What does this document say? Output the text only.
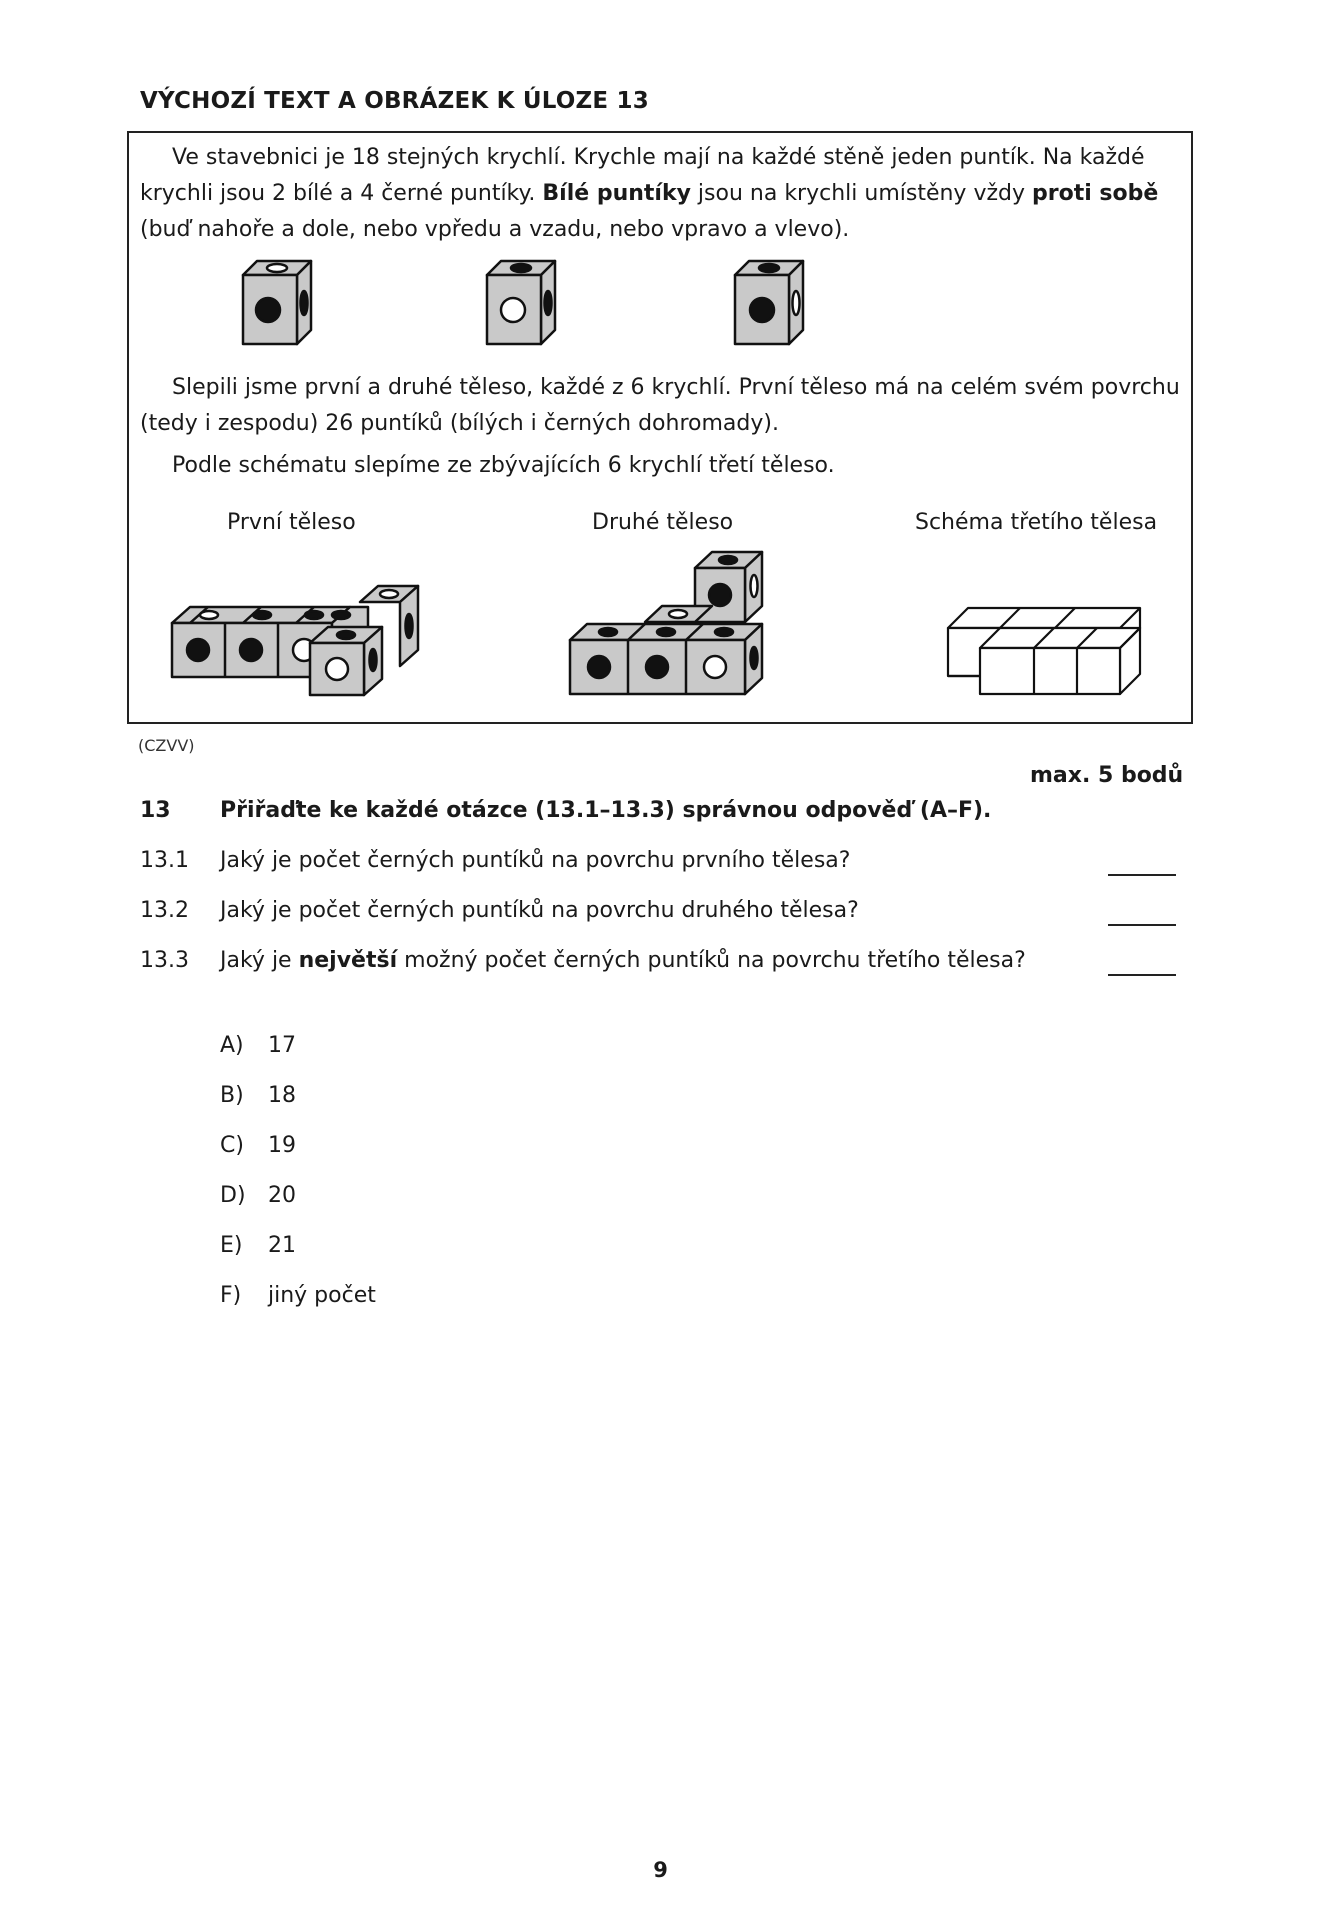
VÝCHOZÍ TEXT A OBRÁZEK K ÚLOZE 13
Ve stavebnici je 18 stejných krychlí. Krychle mají na každé stěně jeden puntík. Na každé krychli jsou 2 bílé a 4 černé puntíky. Bílé puntíky jsou na krychli umístěny vždy proti sobě (buď nahoře a dole, nebo vpředu a vzadu, nebo vpravo a vlevo).
Slepili jsme první a druhé těleso, každé z 6 krychlí. První těleso má na celém svém povrchu (tedy i zespodu) 26 puntíků (bílých i černých dohromady).
Podle schématu slepíme ze zbývajících 6 krychlí třetí těleso.
První těleso	Druhé těleso	Schéma třetího tělesa
(CZVV)
max. 5 bodů
13 Přiřaďte ke každé otázce (13.1–13.3) správnou odpověď (A–F).
13.1 Jaký je počet černých puntíků na povrchu prvního tělesa?
13.2 Jaký je počet černých puntíků na povrchu druhého tělesa?
13.3 Jaký je největší možný počet černých puntíků na povrchu třetího tělesa?
A) 17
B) 18
C) 19
D) 20
E) 21
F) jiný počet
9
